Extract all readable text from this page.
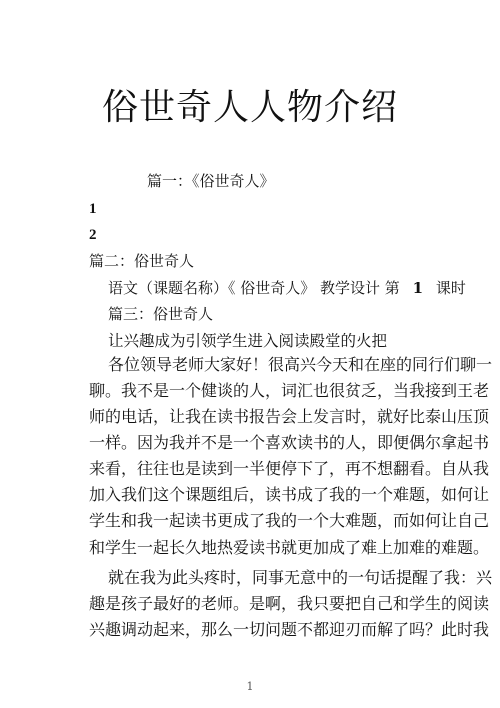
俗世奇人人物介绍
篇一：《俗世奇人》
1
2
篇二：俗世奇人
语文（课题名称）《 俗世奇人》 教学设计 第 1 课时
篇三：俗世奇人
让兴趣成为引领学生进入阅读殿堂的火把
各位领导老师大家好！很高兴今天和在座的同行们聊一
聊。我不是一个健谈的人，词汇也很贫乏，当我接到王老
师的电话，让我在读书报告会上发言时，就好比泰山压顶
一样。因为我并不是一个喜欢读书的人，即便偶尔拿起书
来看，往往也是读到一半便停下了，再不想翻看。自从我
加入我们这个课题组后，读书成了我的一个难题，如何让
学生和我一起读书更成了我的一个大难题，而如何让自己
和学生一起长久地热爱读书就更加成了难上加难的难题。
就在我为此头疼时，同事无意中的一句话提醒了我：兴
趣是孩子最好的老师。是啊，我只要把自己和学生的阅读
兴趣调动起来，那么一切问题不都迎刃而解了吗？此时我
1
